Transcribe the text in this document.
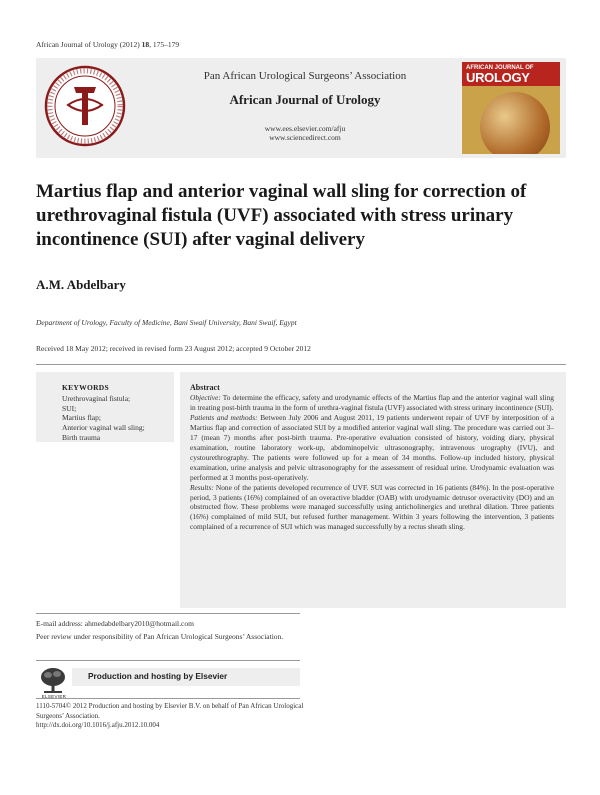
African Journal of Urology (2012) 18, 175–179
Pan African Urological Surgeons’ Association
African Journal of Urology
www.ees.elsevier.com/afju
www.sciencedirect.com
AFRICAN JOURNAL OF
UROLOGY
Martius flap and anterior vaginal wall sling for correction of urethrovaginal fistula (UVF) associated with stress urinary incontinence (SUI) after vaginal delivery
A.M. Abdelbary
Department of Urology, Faculty of Medicine, Bani Swaif University, Bani Swaif, Egypt
Received 18 May 2012; received in revised form 23 August 2012; accepted 9 October 2012
KEYWORDS
Urethrovaginal fistula;
SUI;
Martius flap;
Anterior vaginal wall sling;
Birth trauma
Abstract

Objective: To determine the efficacy, safety and urodynamic effects of the Martius flap and the anterior vaginal wall sling in treating post-birth trauma in the form of urethra-vaginal fistula (UVF) associated with stress urinary incontinence (SUI).

Patients and methods: Between July 2006 and August 2011, 19 patients underwent repair of UVF by interposition of a Martius flap and correction of associated SUI by a modified anterior vaginal wall sling. The procedure was carried out 3–17 (mean 7) months after post-birth trauma. Pre-operative evaluation consisted of history, voiding diary, physical examination, routine laboratory work-up, abdominopelvic ultrasonography, intravenous urography (IVU), and cystourethrography. The patients were followed up for a mean of 34 months. Follow-up included history, physical examination, urine analysis and pelvic ultrasonography for the assessment of residual urine. Urodynamic evaluation was performed at 3 months post-operatively.

Results: None of the patients developed recurrence of UVF. SUI was corrected in 16 patients (84%). In the post-operative period, 3 patients (16%) complained of an overactive bladder (OAB) with urodynamic detrusor overactivity (DO) and an obstructed flow. These problems were managed successfully using anticholinergics and urethral dilation. Three patients (16%) complained of mild SUI, but refused further management. Within 3 years following the intervention, 3 patients complained of a recurrence of SUI which was managed successfully by a rectus sheath sling.

E-mail address: ahmedabdelbary2010@hotmail.com
Peer review under responsibility of Pan African Urological Surgeons’ Association.
ELSEVIER
Production and hosting by Elsevier
1110-5704© 2012 Production and hosting by Elsevier B.V. on behalf of Pan African Urological Surgeons’ Association.
http://dx.doi.org/10.1016/j.afju.2012.10.004
